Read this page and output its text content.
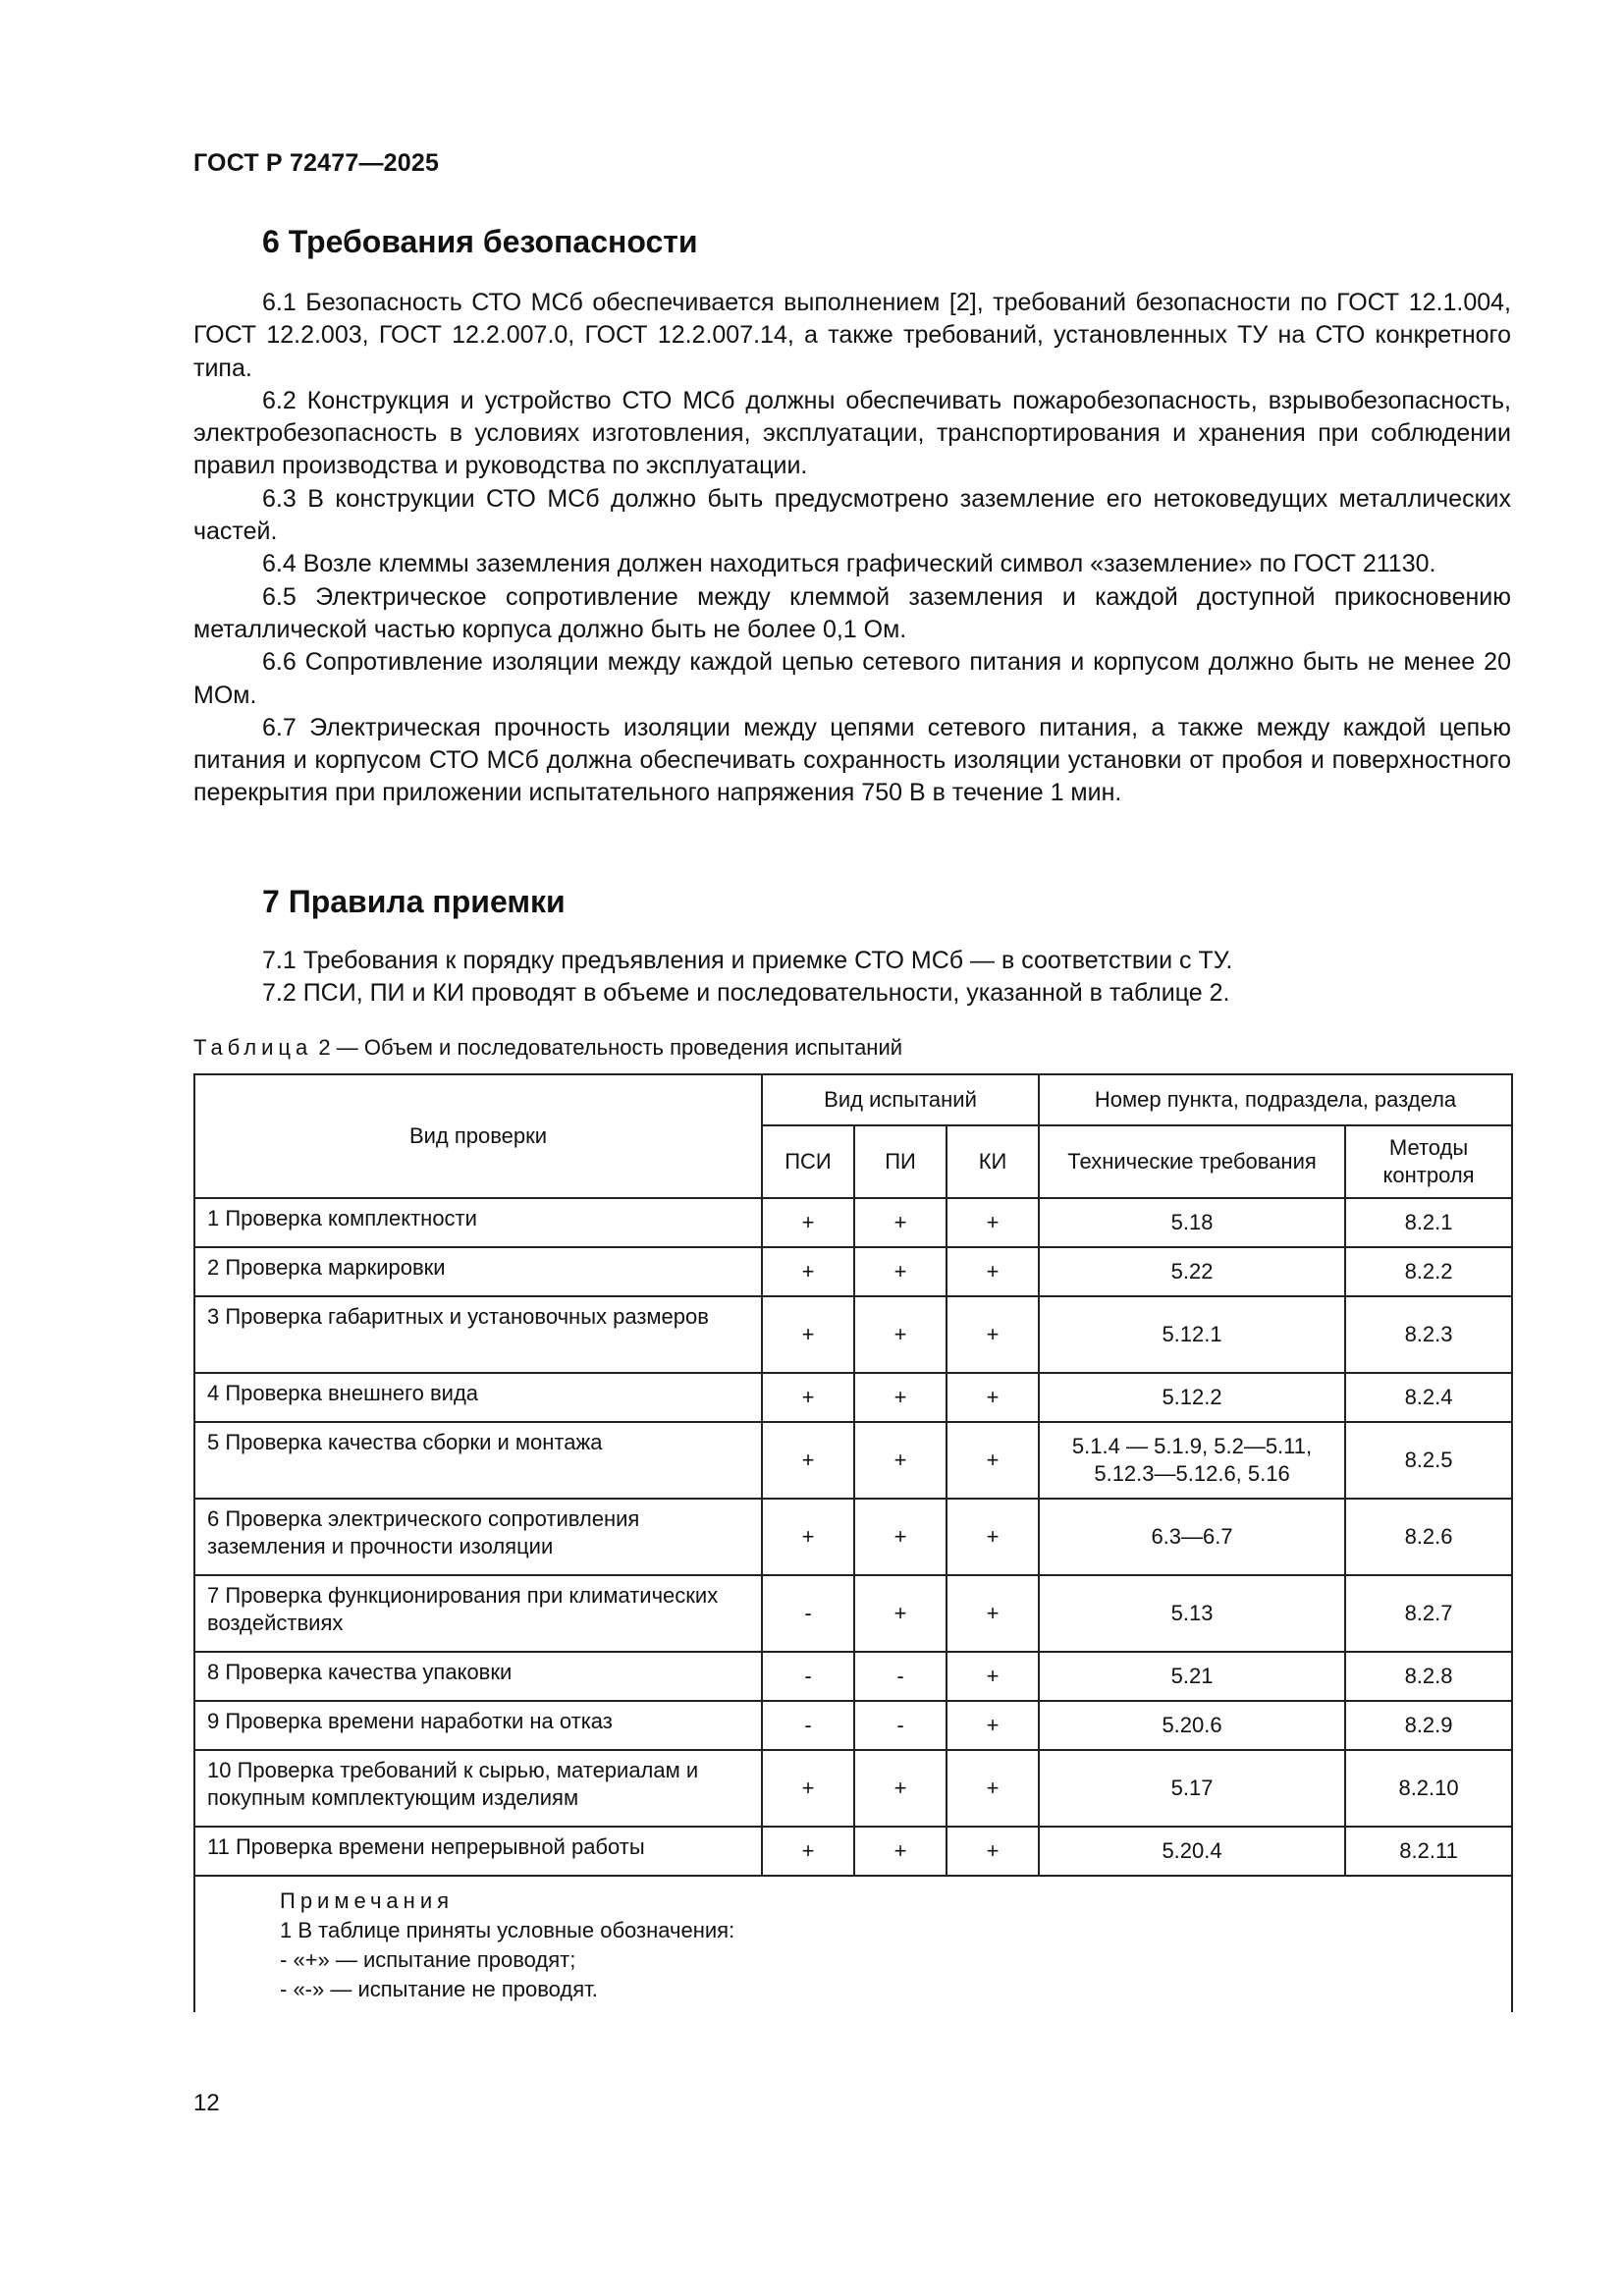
ГОСТ Р 72477—2025
6 Требования безопасности

6.1 Безопасность СТО МСб обеспечивается выполнением [2], требований безопасности по ГОСТ 12.1.004, ГОСТ 12.2.003, ГОСТ 12.2.007.0, ГОСТ 12.2.007.14, а также требований, установленных ТУ на СТО конкретного типа.

6.2 Конструкция и устройство СТО МСб должны обеспечивать пожаробезопасность, взрывобезопасность, электробезопасность в условиях изготовления, эксплуатации, транспортирования и хранения при соблюдении правил производства и руководства по эксплуатации.

6.3 В конструкции СТО МСб должно быть предусмотрено заземление его нетоковедущих металлических частей.

6.4 Возле клеммы заземления должен находиться графический символ «заземление» по ГОСТ 21130.

6.5 Электрическое сопротивление между клеммой заземления и каждой доступной прикосновению металлической частью корпуса должно быть не более 0,1 Ом.

6.6 Сопротивление изоляции между каждой цепью сетевого питания и корпусом должно быть не менее 20 МОм.

6.7 Электрическая прочность изоляции между цепями сетевого питания, а также между каждой цепью питания и корпусом СТО МСб должна обеспечивать сохранность изоляции установки от пробоя и поверхностного перекрытия при приложении испытательного напряжения 750 В в течение 1 мин.

7 Правила приемки

7.1 Требования к порядку предъявления и приемке СТО МСб — в соответствии с ТУ.

7.2 ПСИ, ПИ и КИ проводят в объеме и последовательности, указанной в таблице 2.

Таблица 2 — Объем и последовательность проведения испытаний
Вид проверки	Вид испытаний			Номер пункта, подраздела, раздела	
	ПСИ	ПИ	КИ	Технические требования	Методы контроля
1 Проверка комплектности	+	+	+	5.18	8.2.1
2 Проверка маркировки	+	+	+	5.22	8.2.2
3 Проверка габаритных и установочных размеров	+	+	+	5.12.1	8.2.3
4 Проверка внешнего вида	+	+	+	5.12.2	8.2.4
5 Проверка качества сборки и монтажа	+	+	+	5.1.4 — 5.1.9, 5.2—5.11, 5.12.3—5.12.6, 5.16	8.2.5
6 Проверка электрического сопротивления заземления и прочности изоляции	+	+	+	6.3—6.7	8.2.6
7 Проверка функционирования при климатических воздействиях	-	+	+	5.13	8.2.7
8 Проверка качества упаковки	-	-	+	5.21	8.2.8
9 Проверка времени наработки на отказ	-	-	+	5.20.6	8.2.9
10 Проверка требований к сырью, материалам и покупным комплектующим изделиям	+	+	+	5.17	8.2.10
11 Проверка времени непрерывной работы	+	+	+	5.20.4	8.2.11

Примечания
1 В таблице приняты условные обозначения:
- «+» — испытание проводят;
- «-» — испытание не проводят.					
12
